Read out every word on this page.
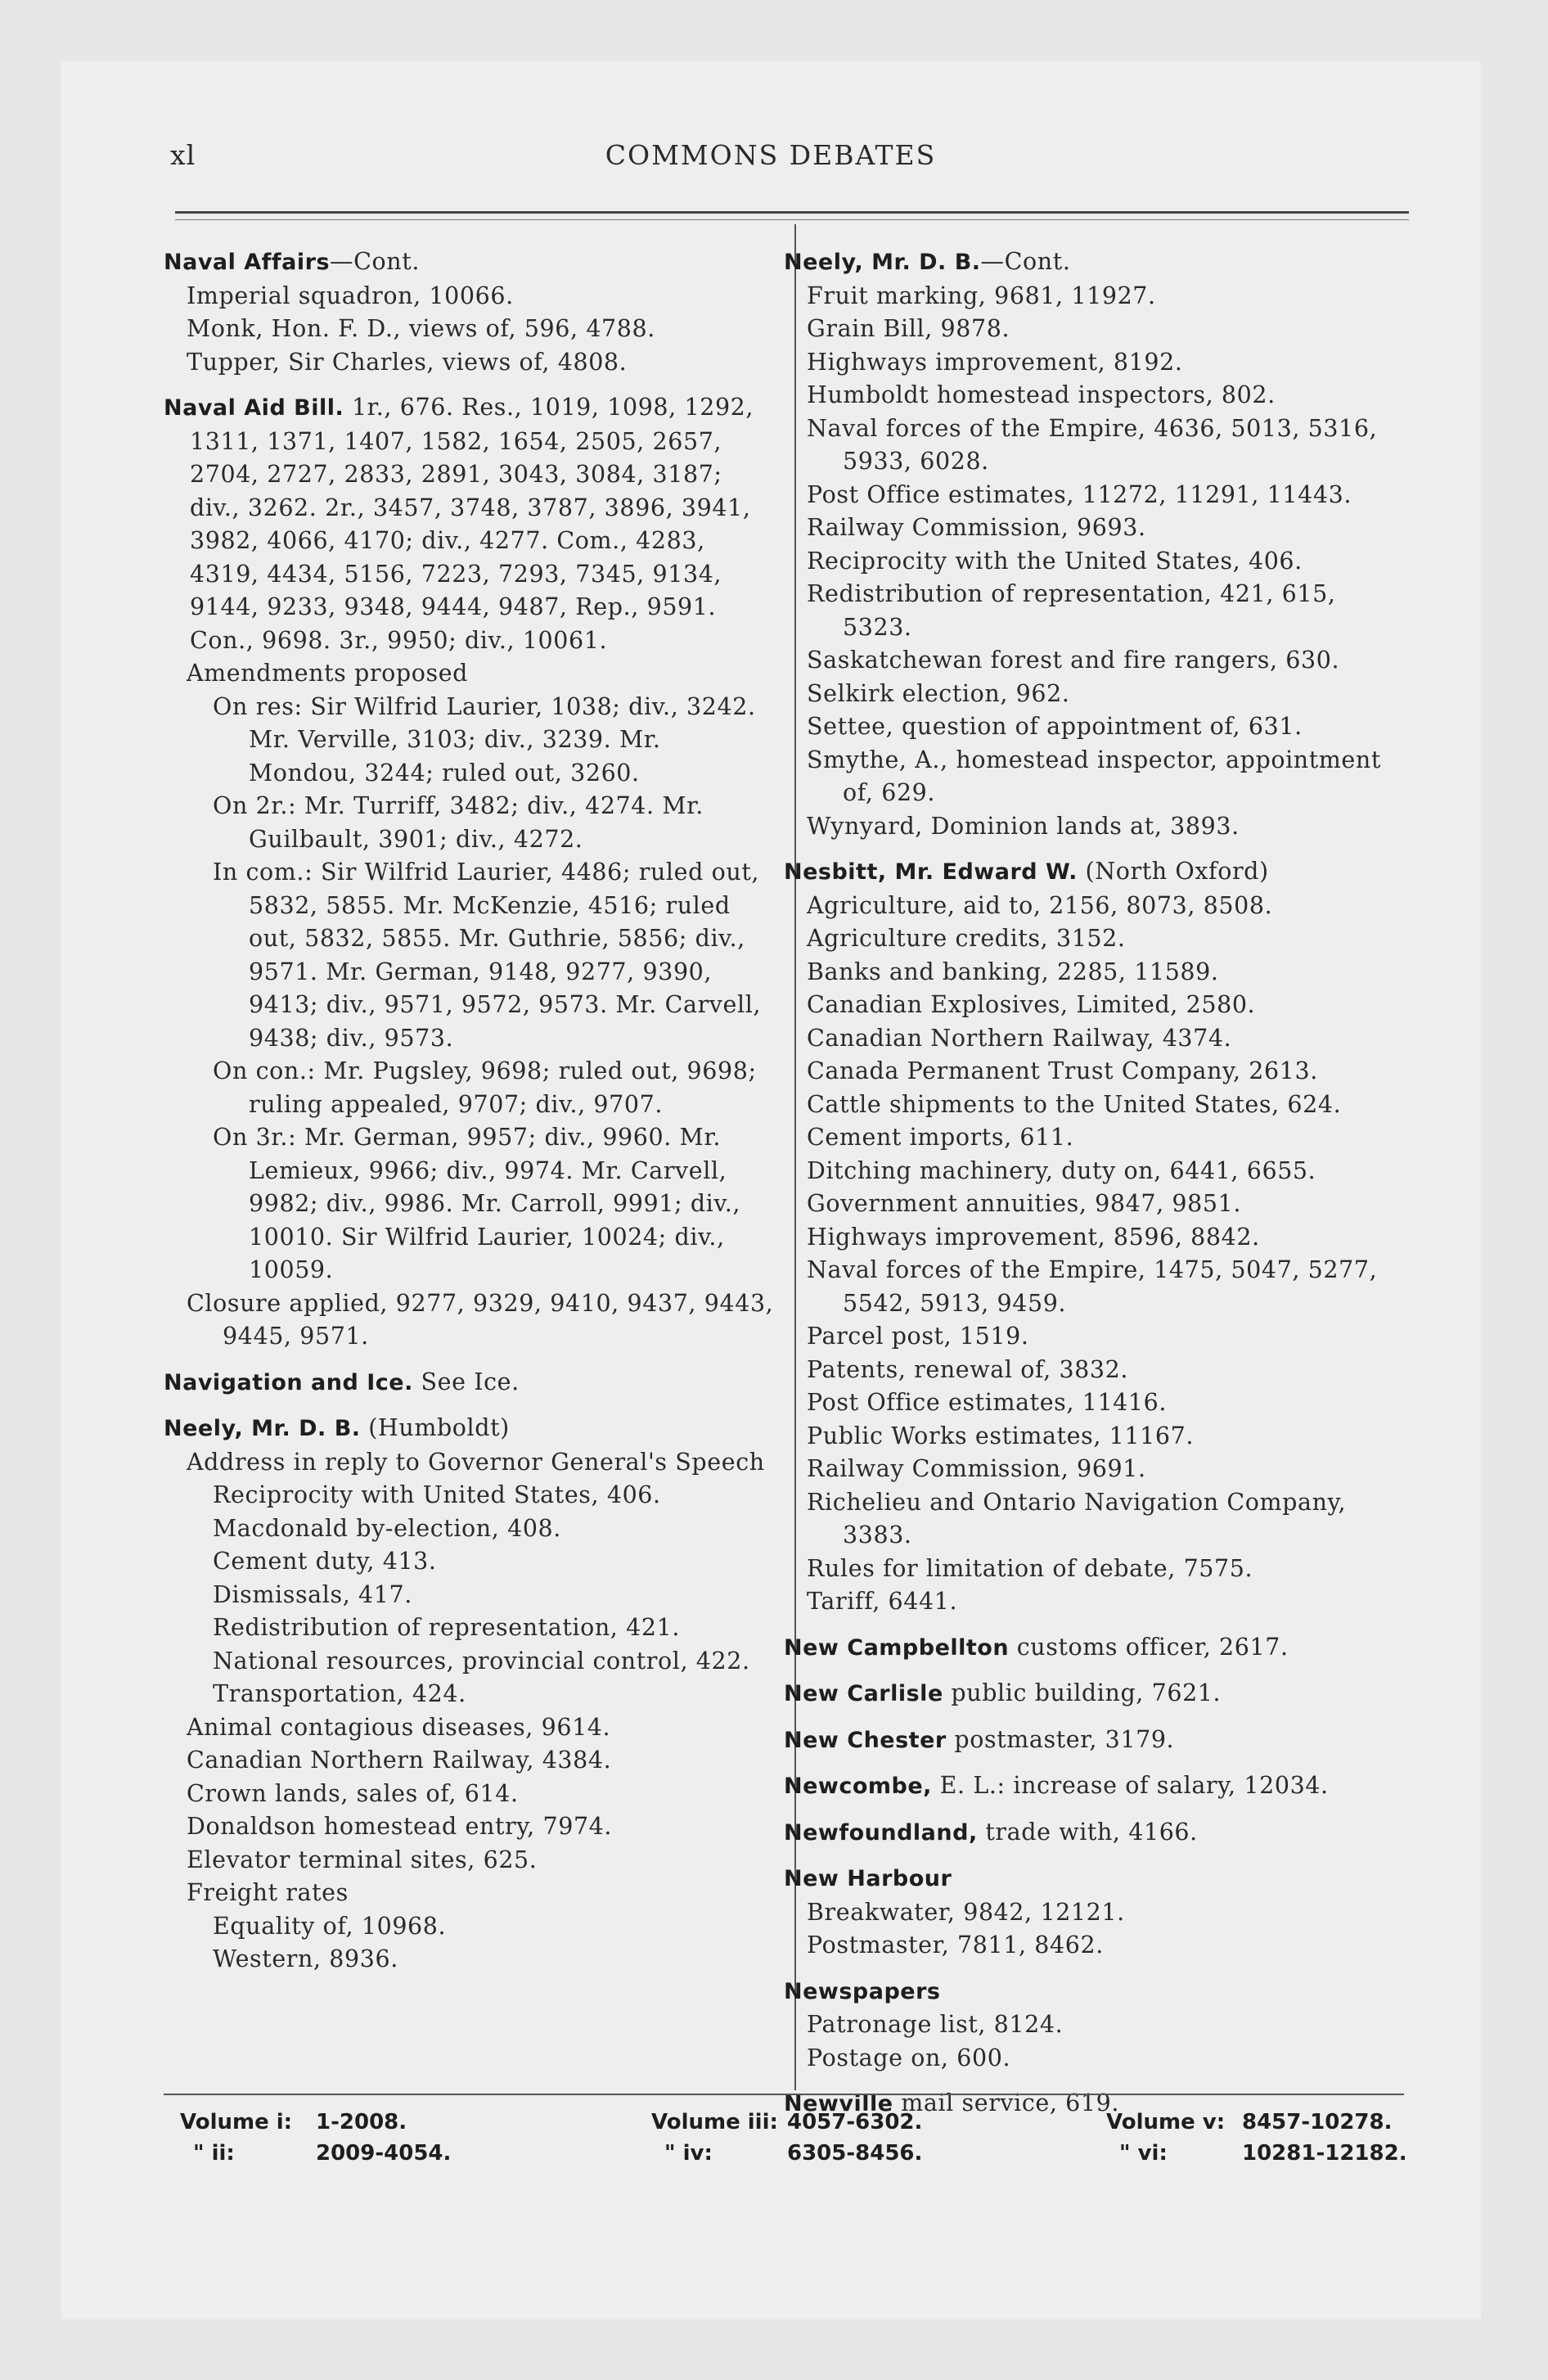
xl	COMMONS DEBATES

Naval Affairs—Cont.

Imperial squadron, 10066.

Monk, Hon. F. D., views of, 596, 4788.

Tupper, Sir Charles, views of, 4808.

Naval Aid Bill. 1r., 676. Res., 1019, 1098, 1292, 1311, 1371, 1407, 1582, 1654, 2505, 2657, 2704, 2727, 2833, 2891, 3043, 3084, 3187; div., 3262. 2r., 3457, 3748, 3787, 3896, 3941, 3982, 4066, 4170; div., 4277. Com., 4283, 4319, 4434, 5156, 7223, 7293, 7345, 9134, 9144, 9233, 9348, 9444, 9487, Rep., 9591. Con., 9698. 3r., 9950; div., 10061.

Amendments proposed

On res: Sir Wilfrid Laurier, 1038; div., 3242. Mr. Verville, 3103; div., 3239. Mr. Mondou, 3244; ruled out, 3260.

On 2r.: Mr. Turriff, 3482; div., 4274. Mr. Guilbault, 3901; div., 4272.

In com.: Sir Wilfrid Laurier, 4486; ruled out, 5832, 5855. Mr. McKenzie, 4516; ruled out, 5832, 5855. Mr. Guthrie, 5856; div., 9571. Mr. German, 9148, 9277, 9390, 9413; div., 9571, 9572, 9573. Mr. Carvell, 9438; div., 9573.

On con.: Mr. Pugsley, 9698; ruled out, 9698; ruling appealed, 9707; div., 9707.

On 3r.: Mr. German, 9957; div., 9960. Mr. Lemieux, 9966; div., 9974. Mr. Carvell, 9982; div., 9986. Mr. Carroll, 9991; div., 10010. Sir Wilfrid Laurier, 10024; div., 10059.

Closure applied, 9277, 9329, 9410, 9437, 9443, 9445, 9571.

Navigation and Ice. See Ice.

Neely, Mr. D. B. (Humboldt)

Address in reply to Governor General's Speech

Reciprocity with United States, 406.

Macdonald by-election, 408.

Cement duty, 413.

Dismissals, 417.

Redistribution of representation, 421.

National resources, provincial control, 422.

Transportation, 424.

Animal contagious diseases, 9614.

Canadian Northern Railway, 4384.

Crown lands, sales of, 614.

Donaldson homestead entry, 7974.

Elevator terminal sites, 625.

Freight rates

Equality of, 10968.

Western, 8936.

Neely, Mr. D. B.—Cont.

Fruit marking, 9681, 11927.

Grain Bill, 9878.

Highways improvement, 8192.

Humboldt homestead inspectors, 802.

Naval forces of the Empire, 4636, 5013, 5316, 5933, 6028.

Post Office estimates, 11272, 11291, 11443.

Railway Commission, 9693.

Reciprocity with the United States, 406.

Redistribution of representation, 421, 615, 5323.

Saskatchewan forest and fire rangers, 630.

Selkirk election, 962.

Settee, question of appointment of, 631.

Smythe, A., homestead inspector, appointment of, 629.

Wynyard, Dominion lands at, 3893.

Nesbitt, Mr. Edward W. (North Oxford)

Agriculture, aid to, 2156, 8073, 8508.

Agriculture credits, 3152.

Banks and banking, 2285, 11589.

Canadian Explosives, Limited, 2580.

Canadian Northern Railway, 4374.

Canada Permanent Trust Company, 2613.

Cattle shipments to the United States, 624.

Cement imports, 611.

Ditching machinery, duty on, 6441, 6655.

Government annuities, 9847, 9851.

Highways improvement, 8596, 8842.

Naval forces of the Empire, 1475, 5047, 5277, 5542, 5913, 9459.

Parcel post, 1519.

Patents, renewal of, 3832.

Post Office estimates, 11416.

Public Works estimates, 11167.

Railway Commission, 9691.

Richelieu and Ontario Navigation Company, 3383.

Rules for limitation of debate, 7575.

Tariff, 6441.

New Campbellton customs officer, 2617.

New Carlisle public building, 7621.

New Chester postmaster, 3179.

Newcombe, E. L.: increase of salary, 12034.

Newfoundland, trade with, 4166.

New Harbour

Breakwater, 9842, 12121.

Postmaster, 7811, 8462.

Newspapers

Patronage list, 8124.

Postage on, 600.

Newville mail service, 619.

Volume i: 1-2008.	Volume iii: 4057-6302.	Volume v: 8457-10278.
" ii:	2009-4054.	" iv:	6305-8456.	" vi:	10281-12182.
